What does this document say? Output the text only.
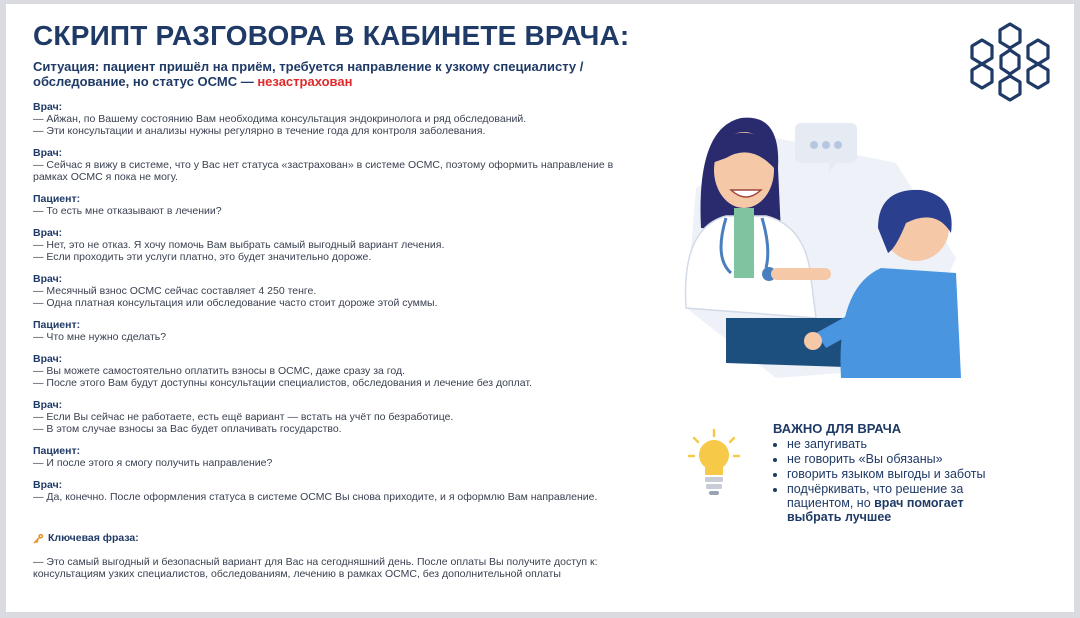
СКРИПТ РАЗГОВОРА В КАБИНЕТЕ ВРАЧА:
Ситуация: пациент пришёл на приём, требуется направление к узкому специалисту / обследование, но статус ОСМС — незастрахован
Врач:
— Айжан, по Вашему состоянию Вам необходима консультация эндокринолога и ряд обследований.
— Эти консультации и анализы нужны регулярно в течение года для контроля заболевания.
Врач:
— Сейчас я вижу в системе, что у Вас нет статуса «застрахован» в системе ОСМС, поэтому оформить направление в рамках ОСМС я пока не могу.
Пациент:
— То есть мне отказывают в лечении?
Врач:
— Нет, это не отказ. Я хочу помочь Вам выбрать самый выгодный вариант лечения.
— Если проходить эти услуги платно, это будет значительно дороже.
Врач:
— Месячный взнос ОСМС сейчас составляет 4 250 тенге.
— Одна платная консультация или обследование часто стоит дороже этой суммы.
Пациент:
— Что мне нужно сделать?
Врач:
— Вы можете самостоятельно оплатить взносы в ОСМС, даже сразу за год.
— После этого Вам будут доступны консультации специалистов, обследования и лечение без доплат.
Врач:
— Если Вы сейчас не работаете, есть ещё вариант — встать на учёт по безработице.
— В этом случае взносы за Вас будет оплачивать государство.
Пациент:
— И после этого я смогу получить направление?
Врач:
— Да, конечно. После оформления статуса в системе ОСМС Вы снова приходите, и я оформлю Вам направление.
Ключевая фраза:
— Это самый выгодный и безопасный вариант для Вас на сегодняшний день. После оплаты Вы получите доступ к: консультациям узких специалистов, обследованиям, лечению в рамках ОСМС, без дополнительной оплаты
ВАЖНО ДЛЯ ВРАЧА
• не запугивать
• не говорить «Вы обязаны»
• говорить языком выгоды и заботы
• подчёркивать, что решение за пациентом, но врач помогает выбрать лучшее
